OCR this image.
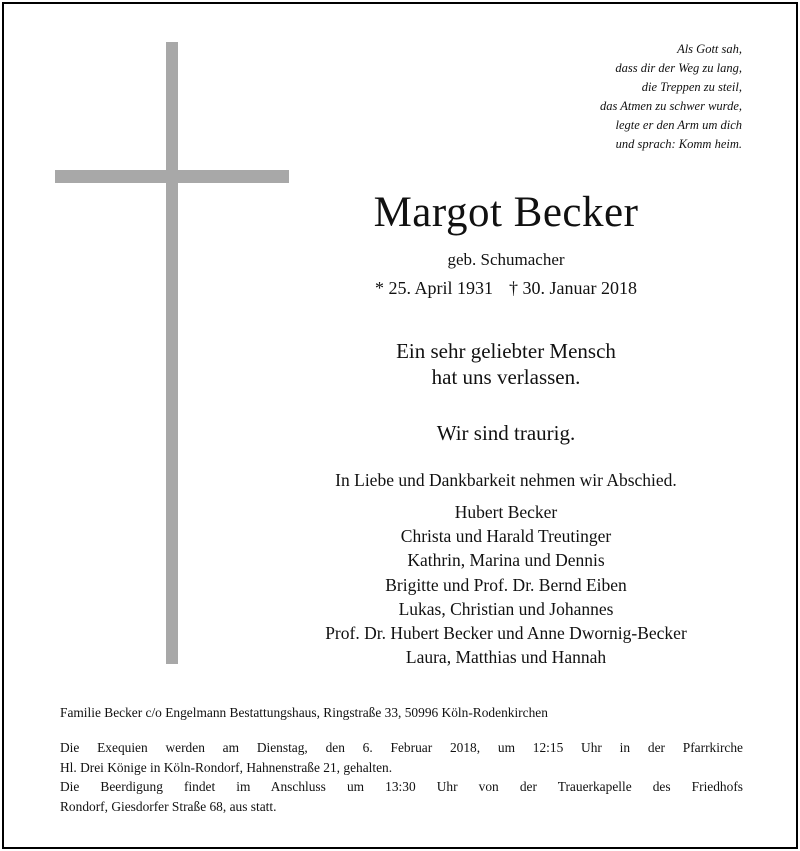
Als Gott sah,
dass dir der Weg zu lang,
die Treppen zu steil,
das Atmen zu schwer wurde,
legte er den Arm um dich
und sprach: Komm heim.
Margot Becker
geb. Schumacher
* 25. April 1931 † 30. Januar 2018
Ein sehr geliebter Mensch
hat uns verlassen.
Wir sind traurig.
In Liebe und Dankbarkeit nehmen wir Abschied.
Hubert Becker
Christa und Harald Treutinger
Kathrin, Marina und Dennis
Brigitte und Prof. Dr. Bernd Eiben
Lukas, Christian und Johannes
Prof. Dr. Hubert Becker und Anne Dwornig-Becker
Laura, Matthias und Hannah
Familie Becker c/o Engelmann Bestattungshaus, Ringstraße 33, 50996 Köln-Rodenkirchen
Die Exequien werden am Dienstag, den 6. Februar 2018, um 12:15 Uhr in der Pfarrkirche
Hl. Drei Könige in Köln-Rondorf, Hahnenstraße 21, gehalten.
Die Beerdigung findet im Anschluss um 13:30 Uhr von der Trauerkapelle des Friedhofs
Rondorf, Giesdorfer Straße 68, aus statt.
